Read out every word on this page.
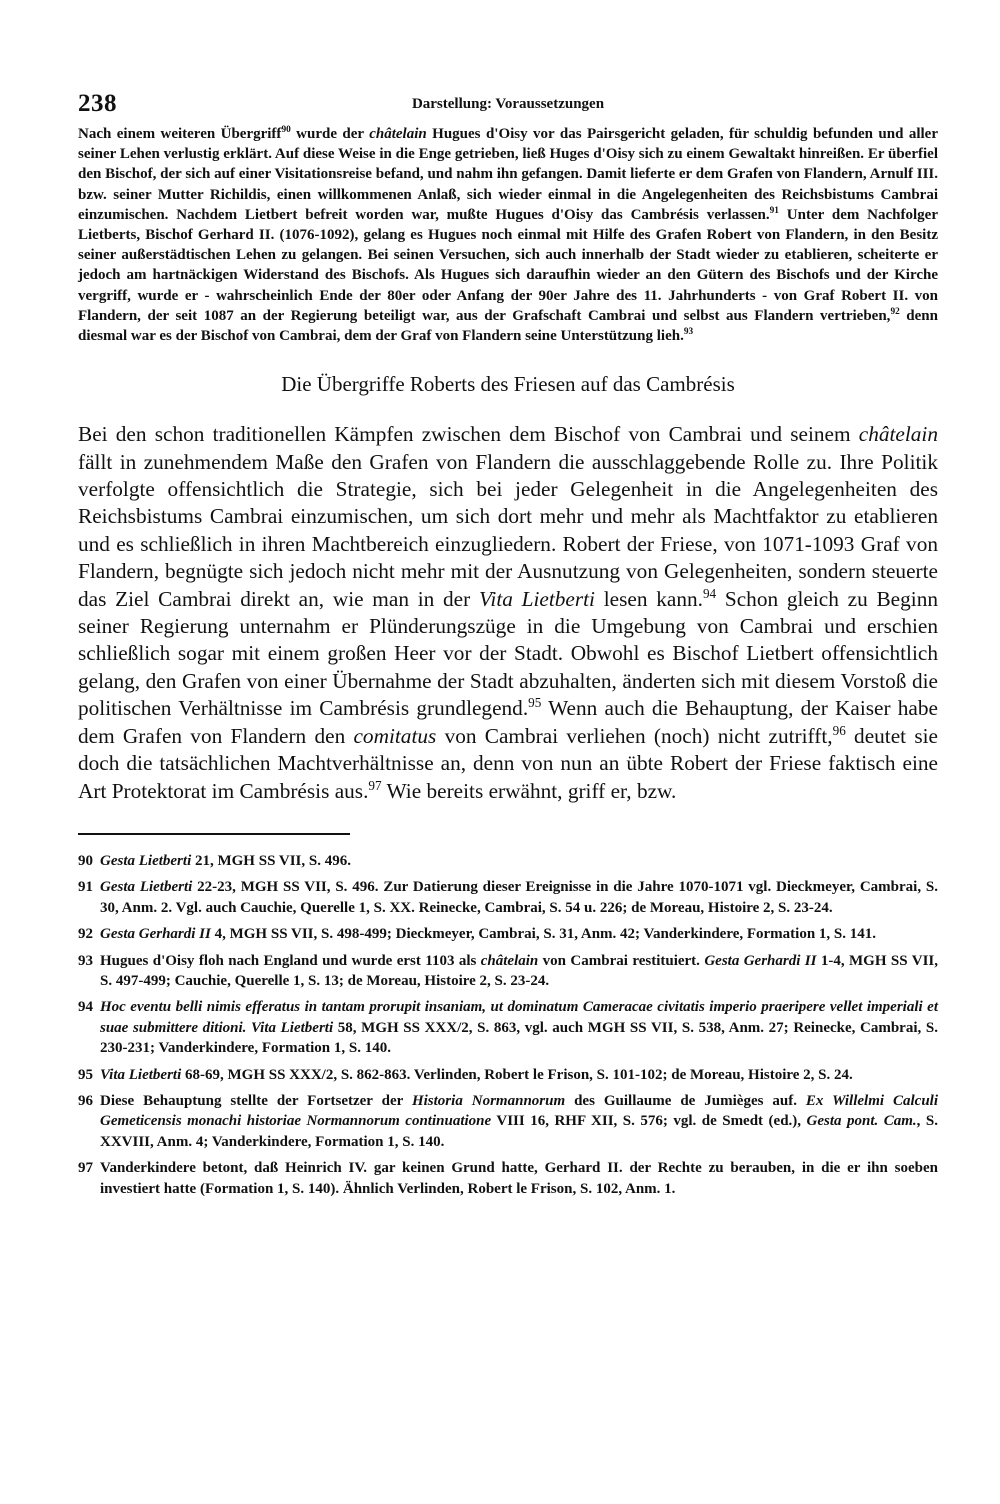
238	Darstellung: Voraussetzungen

Nach einem weiteren Übergriff$^{90}$ wurde der châtelain Hugues d'Oisy vor das Pairsgericht geladen, für schuldig befunden und aller seiner Lehen verlustig erklärt. Auf diese Weise in die Enge getrieben, ließ Huges d'Oisy sich zu einem Gewaltakt hinreißen. Er überfiel den Bischof, der sich auf einer Visitationsreise befand, und nahm ihn gefangen. Damit lieferte er dem Grafen von Flandern, Arnulf III. bzw. seiner Mutter Richildis, einen willkommenen Anlaß, sich wieder einmal in die Angelegenheiten des Reichsbistums Cambrai einzumischen. Nachdem Lietbert befreit worden war, mußte Hugues d'Oisy das Cambrésis verlassen.$^{91}$ Unter dem Nachfolger Lietberts, Bischof Gerhard II. (1076-1092), gelang es Hugues noch einmal mit Hilfe des Grafen Robert von Flandern, in den Besitz seiner außerstädtischen Lehen zu gelangen. Bei seinen Versuchen, sich auch innerhalb der Stadt wieder zu etablieren, scheiterte er jedoch am hartnäckigen Widerstand des Bischofs. Als Hugues sich daraufhin wieder an den Gütern des Bischofs und der Kirche vergriff, wurde er - wahrscheinlich Ende der 80er oder Anfang der 90er Jahre des 11. Jahrhunderts - von Graf Robert II. von Flandern, der seit 1087 an der Regierung beteiligt war, aus der Grafschaft Cambrai und selbst aus Flandern vertrieben,$^{92}$ denn diesmal war es der Bischof von Cambrai, dem der Graf von Flandern seine Unterstützung lieh.$^{93}$

Die Übergriffe Roberts des Friesen auf das Cambrésis

Bei den schon traditionellen Kämpfen zwischen dem Bischof von Cambrai und seinem châtelain fällt in zunehmendem Maße den Grafen von Flandern die ausschlaggebende Rolle zu. Ihre Politik verfolgte offensichtlich die Strategie, sich bei jeder Gelegenheit in die Angelegenheiten des Reichsbistums Cambrai einzumischen, um sich dort mehr und mehr als Machtfaktor zu etablieren und es schließlich in ihren Machtbereich einzugliedern. Robert der Friese, von 1071-1093 Graf von Flandern, begnügte sich jedoch nicht mehr mit der Ausnutzung von Gelegenheiten, sondern steuerte das Ziel Cambrai direkt an, wie man in der Vita Lietberti lesen kann.$^{94}$ Schon gleich zu Beginn seiner Regierung unternahm er Plünderungszüge in die Umgebung von Cambrai und erschien schließlich sogar mit einem großen Heer vor der Stadt. Obwohl es Bischof Lietbert offensichtlich gelang, den Grafen von einer Übernahme der Stadt abzuhalten, änderten sich mit diesem Vorstoß die politischen Verhältnisse im Cambrésis grundlegend.$^{95}$ Wenn auch die Behauptung, der Kaiser habe dem Grafen von Flandern den comitatus von Cambrai verliehen (noch) nicht zutrifft,$^{96}$ deutet sie doch die tatsächlichen Machtverhältnisse an, denn von nun an übte Robert der Friese faktisch eine Art Protektorat im Cambrésis aus.$^{97}$ Wie bereits erwähnt, griff er, bzw.

90 Gesta Lietberti 21, MGH SS VII, S. 496.
91 Gesta Lietberti 22-23, MGH SS VII, S. 496. Zur Datierung dieser Ereignisse in die Jahre 1070-1071 vgl. Dieckmeyer, Cambrai, S. 30, Anm. 2. Vgl. auch Cauchie, Querelle 1, S. XX. Reinecke, Cambrai, S. 54 u. 226; de Moreau, Histoire 2, S. 23-24.
92 Gesta Gerhardi II 4, MGH SS VII, S. 498-499; Dieckmeyer, Cambrai, S. 31, Anm. 42; Vanderkindere, Formation 1, S. 141.
93 Hugues d'Oisy floh nach England und wurde erst 1103 als châtelain von Cambrai restituiert. Gesta Gerhardi II 1-4, MGH SS VII, S. 497-499; Cauchie, Querelle 1, S. 13; de Moreau, Histoire 2, S. 23-24.
94 Hoc eventu belli nimis efferatus in tantam prorupit insaniam, ut dominatum Cameracae civitatis imperio praeripere vellet imperiali et suae submittere ditioni. Vita Lietberti 58, MGH SS XXX/2, S. 863, vgl. auch MGH SS VII, S. 538, Anm. 27; Reinecke, Cambrai, S. 230-231; Vanderkindere, Formation 1, S. 140.
95 Vita Lietberti 68-69, MGH SS XXX/2, S. 862-863. Verlinden, Robert le Frison, S. 101-102; de Moreau, Histoire 2, S. 24.
96 Diese Behauptung stellte der Fortsetzer der Historia Normannorum des Guillaume de Jumièges auf. Ex Willelmi Calculi Gemeticensis monachi historiae Normannorum continuatione VIII 16, RHF XII, S. 576; vgl. de Smedt (ed.), Gesta pont. Cam., S. XXVIII, Anm. 4; Vanderkindere, Formation 1, S. 140.
97 Vanderkindere betont, daß Heinrich IV. gar keinen Grund hatte, Gerhard II. der Rechte zu berauben, in die er ihn soeben investiert hatte (Formation 1, S. 140). Ähnlich Verlinden, Robert le Frison, S. 102, Anm. 1.
